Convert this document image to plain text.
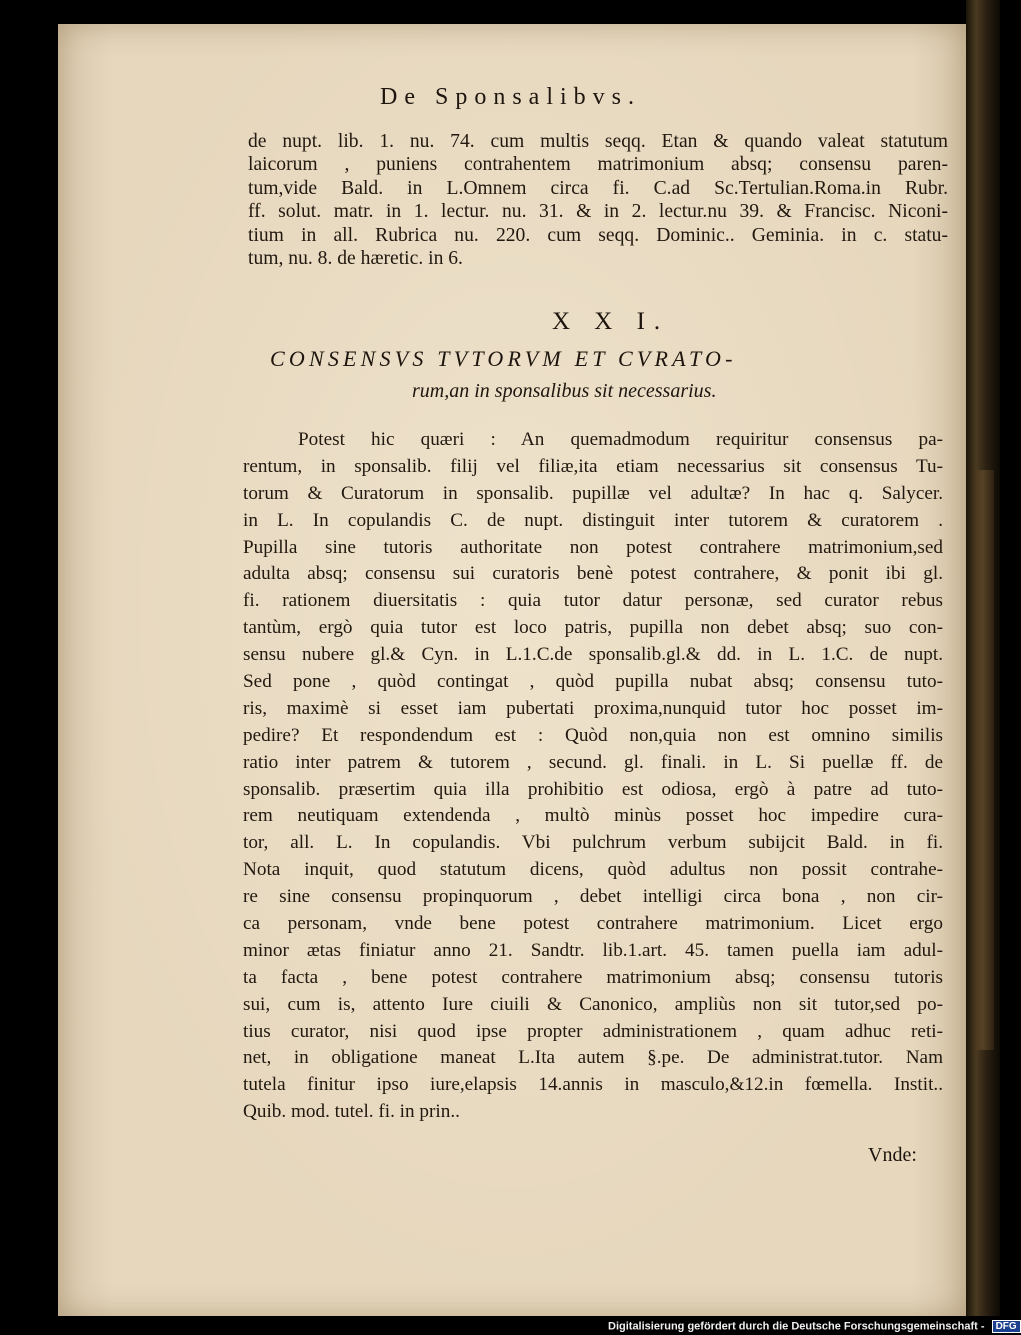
De Sponsalibvs.
de nupt. lib. 1. nu. 74. cum multis seqq. Etan & quando valeat statutum
laicorum , puniens contrahentem matrimonium absq; consensu paren-
tum,vide Bald. in L.Omnem circa fi. C.ad Sc.Tertulian.Roma.in Rubr.
ff. solut. matr. in 1. lectur. nu. 31. & in 2. lectur.nu 39. & Francisc. Niconi-
tium in all. Rubrica nu. 220. cum seqq. Dominic.. Geminia. in c. statu-
tum, nu. 8. de hæretic. in 6.
X X I.
CONSENSVS TVTORVM ET CVRATO-
rum,an in sponsalibus sit necessarius.
Potest hic quæri : An quemadmodum requiritur consensus pa-
rentum, in sponsalib. filij vel filiæ,ita etiam necessarius sit consensus Tu-
torum & Curatorum in sponsalib. pupillæ vel adultæ? In hac q. Salycer.
in L. In copulandis C. de nupt. distinguit inter tutorem & curatorem .
Pupilla sine tutoris authoritate non potest contrahere matrimonium,sed
adulta absq; consensu sui curatoris benè potest contrahere, & ponit ibi gl.
fi. rationem diuersitatis : quia tutor datur personæ, sed curator rebus
tantùm, ergò quia tutor est loco patris, pupilla non debet absq; suo con-
sensu nubere gl.& Cyn. in L.1.C.de sponsalib.gl.& dd. in L. 1.C. de nupt.
Sed pone , quòd contingat , quòd pupilla nubat absq; consensu tuto-
ris, maximè si esset iam pubertati proxima,nunquid tutor hoc posset im-
pedire? Et respondendum est : Quòd non,quia non est omnino similis
ratio inter patrem & tutorem , secund. gl. finali. in L. Si puellæ ff. de
sponsalib. præsertim quia illa prohibitio est odiosa, ergò à patre ad tuto-
rem neutiquam extendenda , multò minùs posset hoc impedire cura-
tor, all. L. In copulandis. Vbi pulchrum verbum subijcit Bald. in fi.
Nota inquit, quod statutum dicens, quòd adultus non possit contrahe-
re sine consensu propinquorum , debet intelligi circa bona , non cir-
ca personam, vnde bene potest contrahere matrimonium. Licet ergo
minor ætas finiatur anno 21. Sandtr. lib.1.art. 45. tamen puella iam adul-
ta facta , bene potest contrahere matrimonium absq; consensu tutoris
sui, cum is, attento Iure ciuili & Canonico, ampliùs non sit tutor,sed po-
tius curator, nisi quod ipse propter administrationem , quam adhuc reti-
net, in obligatione maneat L.Ita autem §.pe. De administrat.tutor. Nam
tutela finitur ipso iure,elapsis 14.annis in masculo,&12.in fœmella. Instit..
Quib. mod. tutel. fi. in prin..
Vnde:
Digitalisierung gefördert durch die Deutsche Forschungsgemeinschaft - DFG
